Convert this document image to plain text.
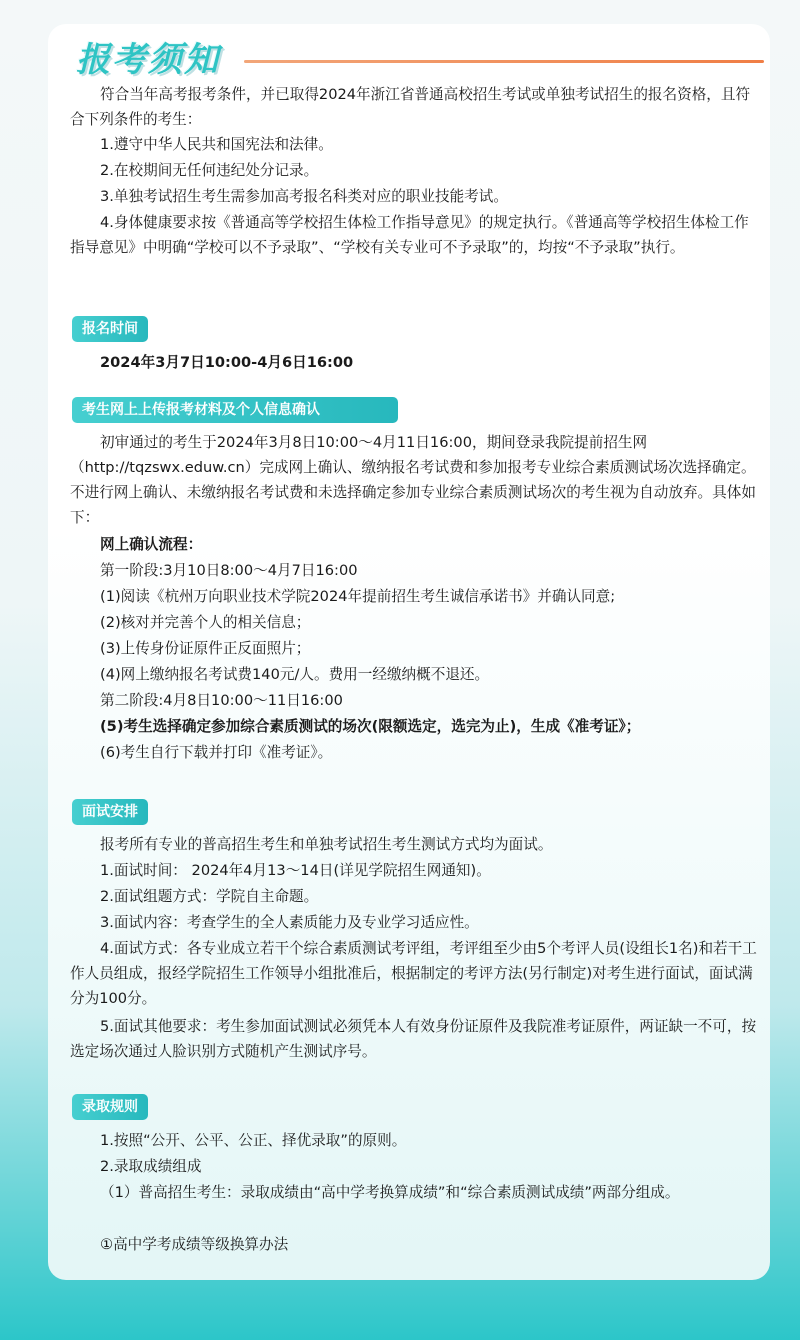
报考须知
符合当年高考报考条件，并已取得2024年浙江省普通高校招生考试或单独考试招生的报名资格，且符合下列条件的考生：
1.遵守中华人民共和国宪法和法律。
2.在校期间无任何违纪处分记录。
3.单独考试招生考生需参加高考报名科类对应的职业技能考试。
4.身体健康要求按《普通高等学校招生体检工作指导意见》的规定执行。《普通高等学校招生体检工作指导意见》中明确“学校可以不予录取”、“学校有关专业可不予录取”的，均按“不予录取”执行。
报名时间
2024年3月7日10:00-4月6日16:00
考生网上上传报考材料及个人信息确认
初审通过的考生于2024年3月8日10:00～4月11日16:00，期间登录我院提前招生网（http://tqzswx.eduw.cn）完成网上确认、缴纳报名考试费和参加报考专业综合素质测试场次选择确定。不进行网上确认、未缴纳报名考试费和未选择确定参加专业综合素质测试场次的考生视为自动放弃。具体如下：
网上确认流程：
第一阶段:3月10日8:00～4月7日16:00
(1)阅读《杭州万向职业技术学院2024年提前招生考生诚信承诺书》并确认同意;
(2)核对并完善个人的相关信息；
(3)上传身份证原件正反面照片；
(4)网上缴纳报名考试费140元/人。费用一经缴纳概不退还。
第二阶段:4月8日10:00～11日16:00
(5)考生选择确定参加综合素质测试的场次(限额选定，选完为止)，生成《准考证》；
(6)考生自行下载并打印《准考证》。
面试安排
报考所有专业的普高招生考生和单独考试招生考生测试方式均为面试。
1.面试时间： 2024年4月13～14日(详见学院招生网通知)。
2.面试组题方式：学院自主命题。
3.面试内容：考查学生的全人素质能力及专业学习适应性。
4.面试方式：各专业成立若干个综合素质测试考评组，考评组至少由5个考评人员(设组长1名)和若干工作人员组成，报经学院招生工作领导小组批准后，根据制定的考评方法(另行制定)对考生进行面试，面试满分为100分。
5.面试其他要求：考生参加面试测试必须凭本人有效身份证原件及我院准考证原件，两证缺一不可，按选定场次通过人脸识别方式随机产生测试序号。
录取规则
1.按照“公开、公平、公正、择优录取”的原则。
2.录取成绩组成
（1）普高招生考生：录取成绩由“高中学考换算成绩”和“综合素质测试成绩”两部分组成。
①高中学考成绩等级换算办法
